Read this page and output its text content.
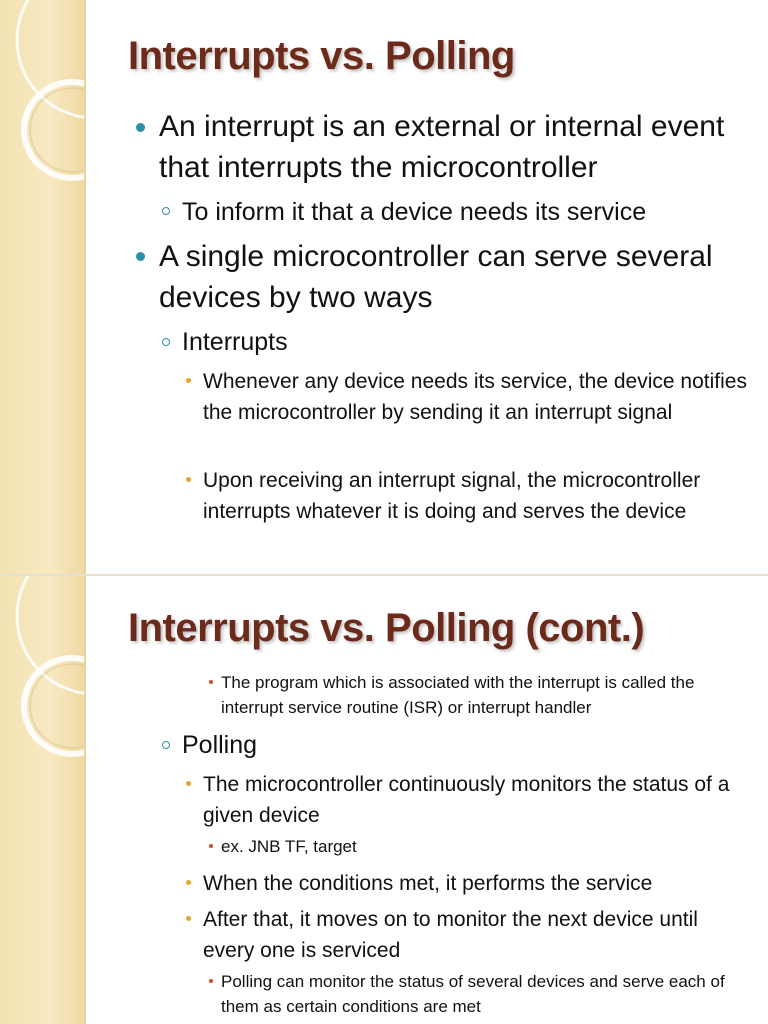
Interrupts vs. Polling

An interrupt is an external or internal event that interrupts the microcontroller

To inform it that a device needs its service

A single microcontroller can serve several devices by two ways

Interrupts

Whenever any device needs its service, the device notifies the microcontroller by sending it an interrupt signal

Upon receiving an interrupt signal, the microcontroller interrupts whatever it is doing and serves the device

Interrupts vs. Polling (cont.)

The program which is associated with the interrupt is called the interrupt service routine (ISR) or interrupt handler

Polling

The microcontroller continuously monitors the status of a given device

ex. JNB TF, target

When the conditions met, it performs the service

After that, it moves on to monitor the next device until every one is serviced

Polling can monitor the status of several devices and serve each of them as certain conditions are met
